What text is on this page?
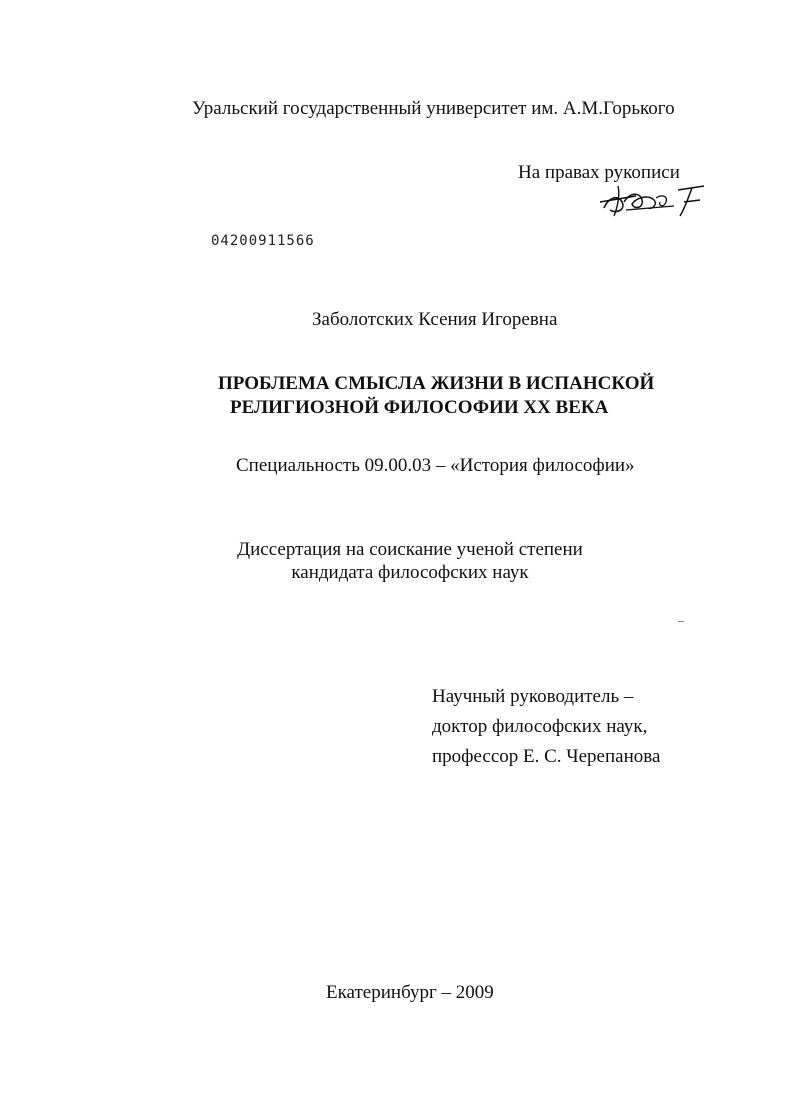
Уральский государственный университет им. А.М.Горького
На правах рукописи
04200911566
Заболотских Ксения Игоревна
ПРОБЛЕМА СМЫСЛА ЖИЗНИ В ИСПАНСКОЙ
РЕЛИГИОЗНОЙ ФИЛОСОФИИ XX ВЕКА
Специальность 09.00.03 – «История философии»
Диссертация на соискание ученой степени
кандидата философских наук
Научный руководитель –
доктор философских наук,
профессор Е. С. Черепанова
Екатеринбург – 2009
